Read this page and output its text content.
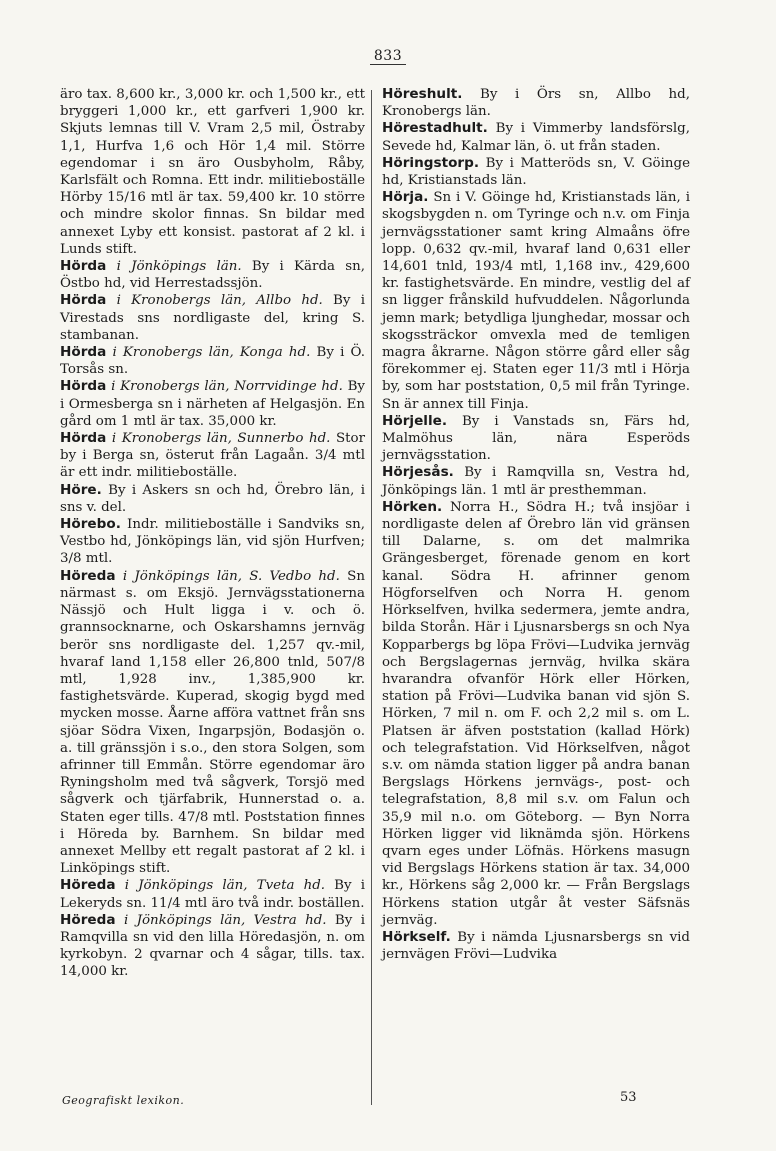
833

äro tax. 8,600 kr., 3,000 kr. och 1,500 kr., ett bryggeri 1,000 kr., ett garfveri 1,900 kr. Skjuts lemnas till V. Vram 2,5 mil, Östraby 1,1, Hurfva 1,6 och Hör 1,4 mil. Större egendomar i sn äro Ousbyholm, Råby, Karlsfält och Romna. Ett indr. militieboställe Hörby 15/16 mtl är tax. 59,400 kr. 10 större och mindre skolor finnas. Sn bildar med annexet Lyby ett konsist. pastorat af 2 kl. i Lunds stift.

Hörda i Jönköpings län. By i Kärda sn, Östbo hd, vid Herrestadssjön.

Hörda i Kronobergs län, Allbo hd. By i Virestads sns nordligaste del, kring S. stambanan.

Hörda i Kronobergs län, Konga hd. By i Ö. Torsås sn.

Hörda i Kronobergs län, Norrvidinge hd. By i Ormesberga sn i närheten af Helgasjön. En gård om 1 mtl är tax. 35,000 kr.

Hörda i Kronobergs län, Sunnerbo hd. Stor by i Berga sn, österut från Lagaån. 3/4 mtl är ett indr. militieboställe.

Höre. By i Askers sn och hd, Örebro län, i sns v. del.

Hörebo. Indr. militieboställe i Sandviks sn, Vestbo hd, Jönköpings län, vid sjön Hurfven; 3/8 mtl.

Höreda i Jönköpings län, S. Vedbo hd. Sn närmast s. om Eksjö. Jernvägsstationerna Nässjö och Hult ligga i v. och ö. grannsocknarne, och Oskarshamns jernväg berör sns nordligaste del. 1,257 qv.-mil, hvaraf land 1,158 eller 26,800 tnld, 507/8 mtl, 1,928 inv., 1,385,900 kr. fastighetsvärde. Kuperad, skogig bygd med mycken mosse. Åarne afföra vattnet från sns sjöar Södra Vixen, Ingarpsjön, Bodasjön o. a. till gränssjön i s.o., den stora Solgen, som afrinner till Emmån. Större egendomar äro Ryningsholm med två sågverk, Torsjö med sågverk och tjärfabrik, Hunnerstad o. a. Staten eger tills. 47/8 mtl. Poststation finnes i Höreda by. Barnhem. Sn bildar med annexet Mellby ett regalt pastorat af 2 kl. i Linköpings stift.

Höreda i Jönköpings län, Tveta hd. By i Lekeryds sn. 11/4 mtl äro två indr. boställen.

Höreda i Jönköpings län, Vestra hd. By i Ramqvilla sn vid den lilla Höredasjön, n. om kyrkobyn. 2 qvarnar och 4 sågar, tills. tax. 14,000 kr.

Höreshult. By i Örs sn, Allbo hd, Kronobergs län.

Hörestadhult. By i Vimmerby landsförslg, Sevede hd, Kalmar län, ö. ut från staden.

Höringstorp. By i Matteröds sn, V. Göinge hd, Kristianstads län.

Hörja. Sn i V. Göinge hd, Kristianstads län, i skogsbygden n. om Tyringe och n.v. om Finja jernvägsstationer samt kring Almaåns öfre lopp. 0,632 qv.-mil, hvaraf land 0,631 eller 14,601 tnld, 193/4 mtl, 1,168 inv., 429,600 kr. fastighetsvärde. En mindre, vestlig del af sn ligger frånskild hufvuddelen. Någorlunda jemn mark; betydliga ljunghedar, mossar och skogssträckor omvexla med de temligen magra åkrarne. Någon större gård eller såg förekommer ej. Staten eger 11/3 mtl i Hörja by, som har poststation, 0,5 mil från Tyringe. Sn är annex till Finja.

Hörjelle. By i Vanstads sn, Färs hd, Malmöhus län, nära Esperöds jernvägsstation.

Hörjesås. By i Ramqvilla sn, Vestra hd, Jönköpings län. 1 mtl är presthemman.

Hörken. Norra H., Södra H.; två insjöar i nordligaste delen af Örebro län vid gränsen till Dalarne, s. om det malmrika Grängesberget, förenade genom en kort kanal. Södra H. afrinner genom Högforselfven och Norra H. genom Hörkselfven, hvilka sedermera, jemte andra, bilda Storån. Här i Ljusnarsbergs sn och Nya Kopparbergs bg löpa Frövi—Ludvika jernväg och Bergslagernas jernväg, hvilka skära hvarandra ofvanför Hörk eller Hörken, station på Frövi—Ludvika banan vid sjön S. Hörken, 7 mil n. om F. och 2,2 mil s. om L. Platsen är äfven poststation (kallad Hörk) och telegrafstation. Vid Hörkselfven, något s.v. om nämda station ligger på andra banan Bergslags Hörkens jernvägs-, post- och telegrafstation, 8,8 mil s.v. om Falun och 35,9 mil n.o. om Göteborg. — Byn Norra Hörken ligger vid liknämda sjön. Hörkens qvarn eges under Löfnäs. Hörkens masugn vid Bergslags Hörkens station är tax. 34,000 kr., Hörkens såg 2,000 kr. — Från Bergslags Hörkens station utgår åt vester Säfsnäs jernväg.

Hörkself. By i nämda Ljusnarsbergs sn vid jernvägen Frövi—Ludvika

Geografiskt lexikon.	53
